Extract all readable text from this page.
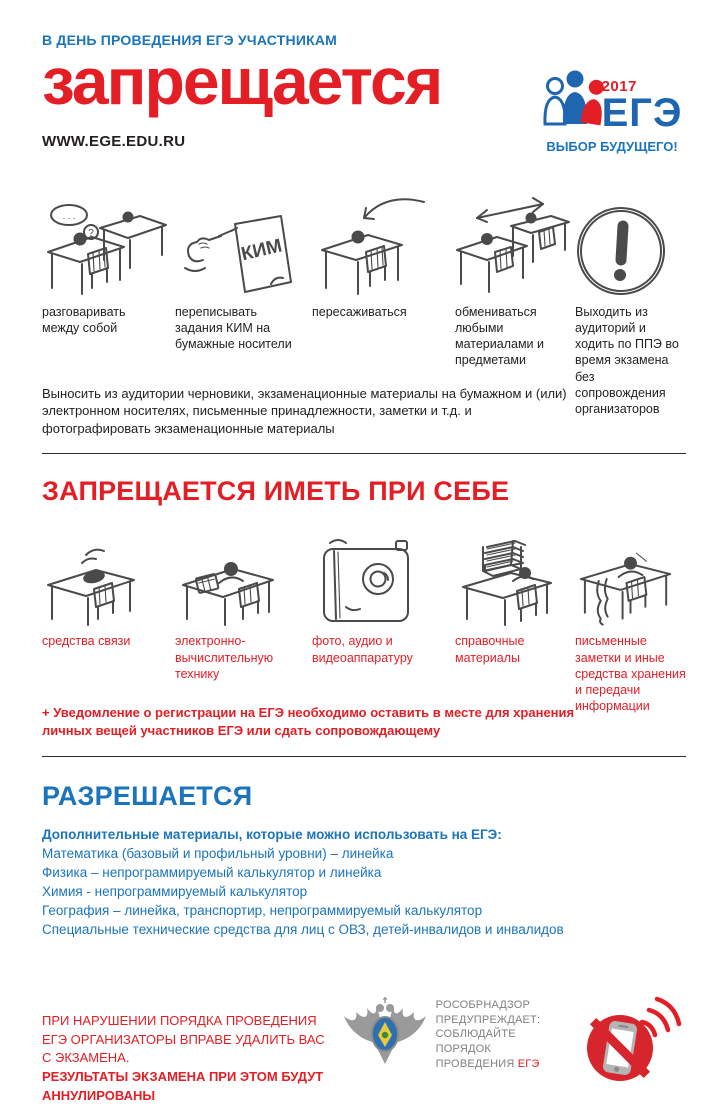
В ДЕНЬ ПРОВЕДЕНИЯ ЕГЭ УЧАСТНИКАМ
запрещается	2017
ЕГЭ
ВЫБОР БУДУЩЕГО!
WWW.EGE.EDU.RU
. . .
?
КИМ
разговаривать между собой
переписывать задания КИМ на бумажные носители
пересаживаться	обмениваться любыми материалами и предметами

Выносить из аудитории черновики, экзаменационные материалы на бумажном и (или) электронном носителях, письменные принадлежности, заметки и т.д. и фотографировать экзаменационные материалы

Выходить из аудиторий и ходить по ППЭ во время экзамена без сопровождения организаторов
ЗАПРЕЩАЕТСЯ ИМЕТЬ ПРИ СЕБЕ
средства связи	электронно-вычислительную технику
фото, аудио и видеоаппаратуру
справочные материалы

+ Уведомление о регистрации на ЕГЭ необходимо оставить в месте для хранения личных вещей участников ЕГЭ или сдать сопровождающему

письменные заметки и иные средства хранения и передачи информации
РАЗРЕШАЕТСЯ
Дополнительные материалы, которые можно использовать на ЕГЭ:
Математика (базовый и профильный уровни) – линейка
Физика – непрограммируемый калькулятор и линейка
Химия - непрограммируемый калькулятор
География – линейка, транспортир, непрограммируемый калькулятор
Специальные технические средства для лиц с ОВЗ, детей-инвалидов и инвалидов
ПРИ НАРУШЕНИИ ПОРЯДКА ПРОВЕДЕНИЯ ЕГЭ ОРГАНИЗАТОРЫ ВПРАВЕ УДАЛИТЬ ВАС С ЭКЗАМЕНА.
РЕЗУЛЬТАТЫ ЭКЗАМЕНА ПРИ ЭТОМ БУДУТ АННУЛИРОВАНЫ
РОСОБРНАДЗОР ПРЕДУПРЕЖДАЕТ: СОБЛЮДАЙТЕ ПОРЯДОК ПРОВЕДЕНИЯ ЕГЭ
